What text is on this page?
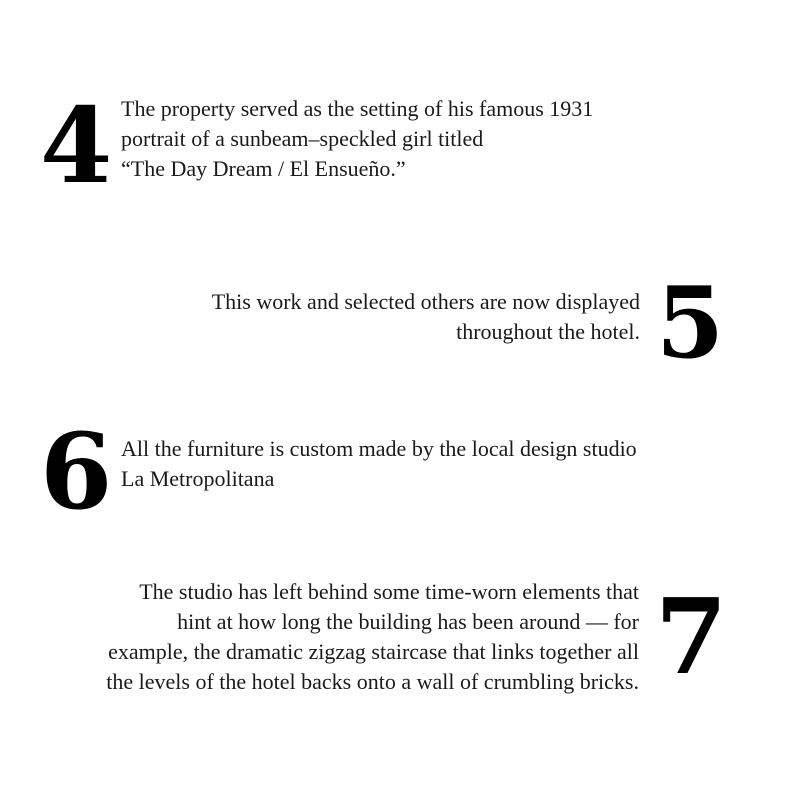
4 The property served as the setting of his famous 1931
portrait of a sunbeam–speckled girl titled
“The Day Dream / El Ensueño.”
This work and selected others are now displayed
throughout the hotel. 5
6 All the furniture is custom made by the local design studio
La Metropolitana
The studio has left behind some time-worn elements that
hint at how long the building has been around — for
example, the dramatic zigzag staircase that links together all
the levels of the hotel backs onto a wall of crumbling bricks. 7
